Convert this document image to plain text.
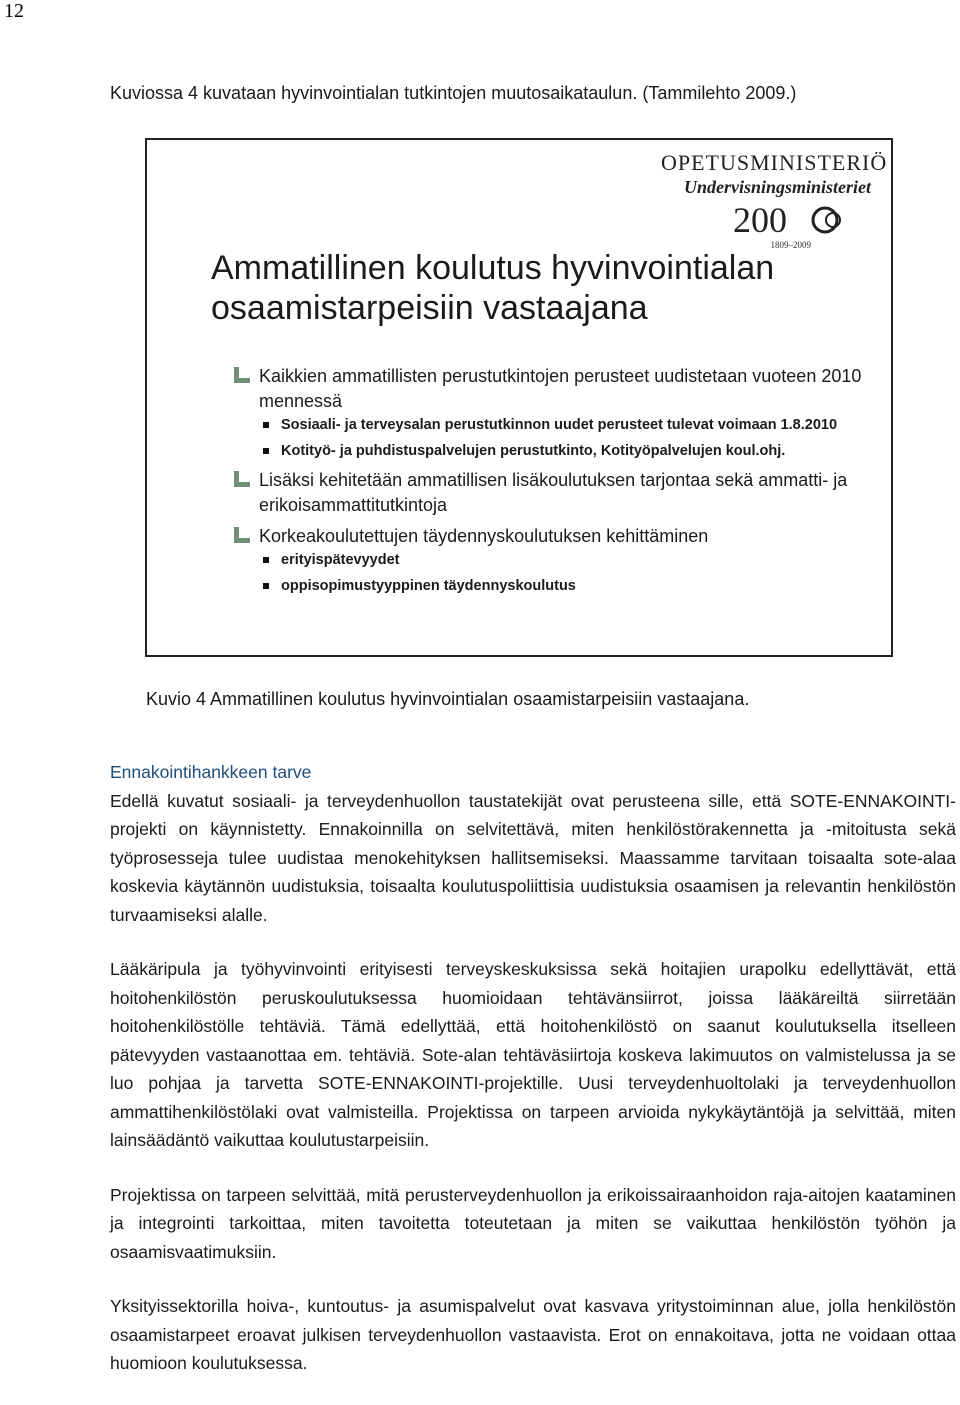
12
Kuviossa 4 kuvataan hyvinvointialan tutkintojen muutosaikataulun. (Tammilehto 2009.)
OPETUSMINISTERIÖ
Undervisningsministeriet
200
1809–2009
Ammatillinen koulutus hyvinvointialan
osaamistarpeisiin vastaajana
Kaikkien ammatillisten perustutkintojen perusteet uudistetaan vuoteen 2010 mennessä
Sosiaali- ja terveysalan perustutkinnon uudet perusteet tulevat voimaan 1.8.2010
Kotityö- ja puhdistuspalvelujen perustutkinto, Kotityöpalvelujen koul.ohj.
Lisäksi kehitetään ammatillisen lisäkoulutuksen tarjontaa sekä ammatti- ja erikoisammattitutkintoja
Korkeakoulutettujen täydennyskoulutuksen kehittäminen
erityispätevyydet
oppisopimustyyppinen täydennyskoulutus
Kuvio 4 Ammatillinen koulutus hyvinvointialan osaamistarpeisiin vastaajana.

Ennakointihankkeen tarve

Edellä kuvatut sosiaali- ja terveydenhuollon taustatekijät ovat perusteena sille, että SOTE-ENNAKOINTI-projekti on käynnistetty. Ennakoinnilla on selvitettävä, miten henkilöstörakennetta ja -mitoitusta sekä työprosesseja tulee uudistaa menokehityksen hallitsemiseksi. Maassamme tarvitaan toisaalta sote-alaa koskevia käytännön uudistuksia, toisaalta koulutuspoliittisia uudistuksia osaamisen ja relevantin henkilöstön turvaamiseksi alalle.

Lääkäripula ja työhyvinvointi erityisesti terveyskeskuksissa sekä hoitajien urapolku edellyttävät, että hoitohenkilöstön peruskoulutuksessa huomioidaan tehtävänsiirrot, joissa lääkäreiltä siirretään hoitohenkilöstölle tehtäviä. Tämä edellyttää, että hoitohenkilöstö on saanut koulutuksella itselleen pätevyyden vastaanottaa em. tehtäviä. Sote-alan tehtäväsiirtoja koskeva lakimuutos on valmistelussa ja se luo pohjaa ja tarvetta SOTE-ENNAKOINTI-projektille. Uusi terveydenhuoltolaki ja terveydenhuollon ammattihenkilöstölaki ovat valmisteilla. Projektissa on tarpeen arvioida nykykäytäntöjä ja selvittää, miten lainsäädäntö vaikuttaa koulutustarpeisiin.

Projektissa on tarpeen selvittää, mitä perusterveydenhuollon ja erikoissairaanhoidon raja-aitojen kaataminen ja integrointi tarkoittaa, miten tavoitetta toteutetaan ja miten se vaikuttaa henkilöstön työhön ja osaamisvaatimuksiin.

Yksityissektorilla hoiva-, kuntoutus- ja asumispalvelut ovat kasvava yritystoiminnan alue, jolla henkilöstön osaamistarpeet eroavat julkisen terveydenhuollon vastaavista. Erot on ennakoitava, jotta ne voidaan ottaa huomioon koulutuksessa.
